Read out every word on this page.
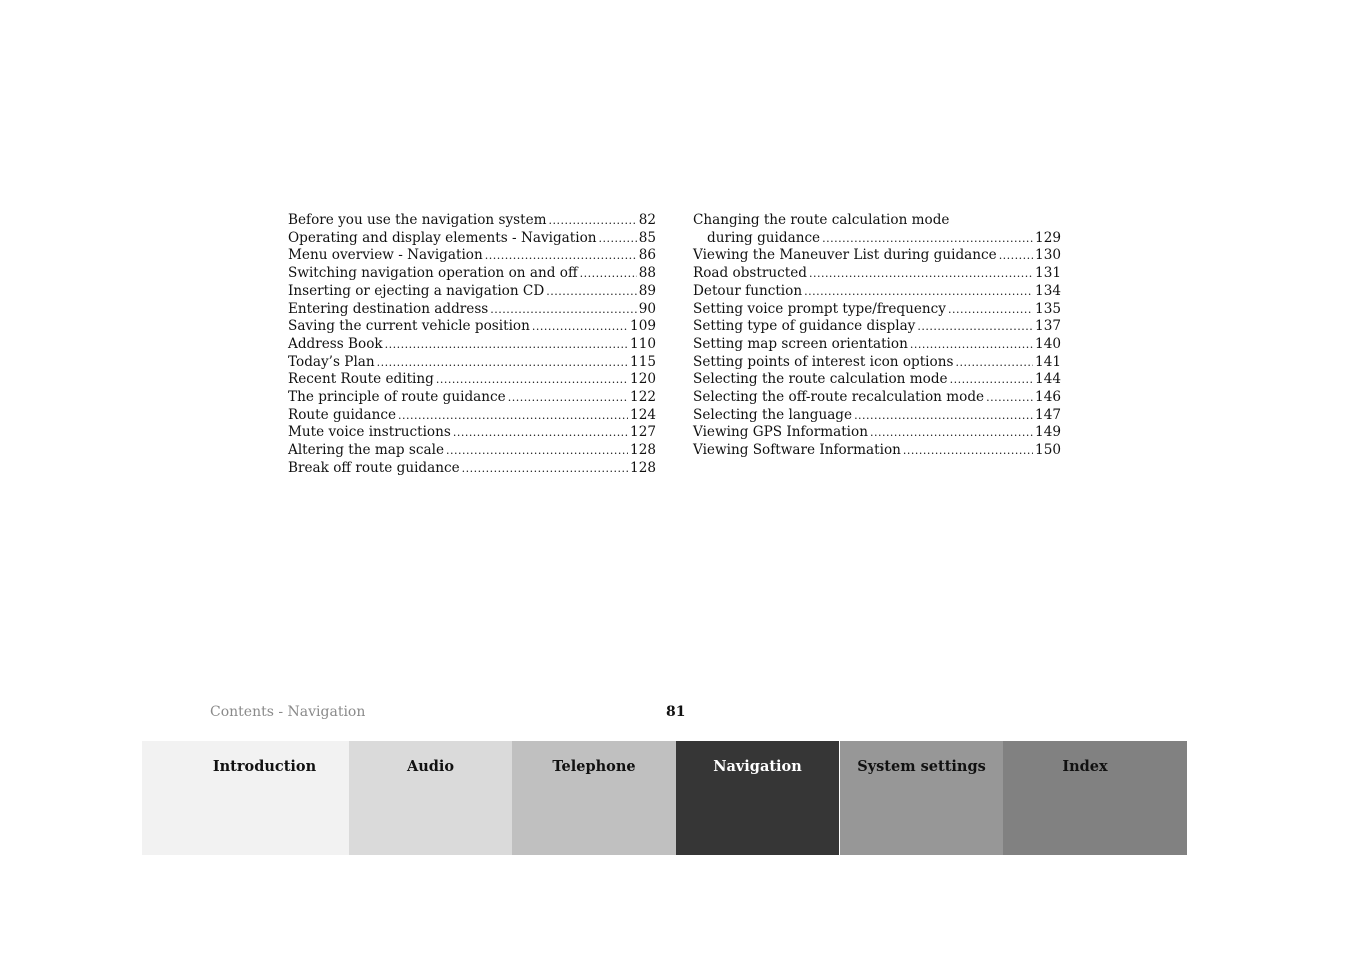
Before you use the navigation system .....	82
Operating and display elements - Navigation .....	85
Menu overview - Navigation .....	86
Switching navigation operation on and off .....	88
Inserting or ejecting a navigation CD .....	89
Entering destination address .....	90
Saving the current vehicle position .....	109
Address Book .....	110
Today’s Plan .....	115
Recent Route editing .....	120
The principle of route guidance .....	122
Route guidance .....	124
Mute voice instructions .....	127
Altering the map scale .....	128
Break off route guidance .....	128
Changing the route calculation mode
during guidance .....	129
Viewing the Maneuver List during guidance .....	130
Road obstructed .....	131
Detour function .....	134
Setting voice prompt type/frequency .....	135
Setting type of guidance display .....	137
Setting map screen orientation .....	140
Setting points of interest icon options .....	141
Selecting the route calculation mode .....	144
Selecting the off-route recalculation mode .....	146
Selecting the language .....	147
Viewing GPS Information .....	149
Viewing Software Information .....	150
Contents - Navigation	81
Introduction	Audio	Telephone	Navigation	System settings	Index
